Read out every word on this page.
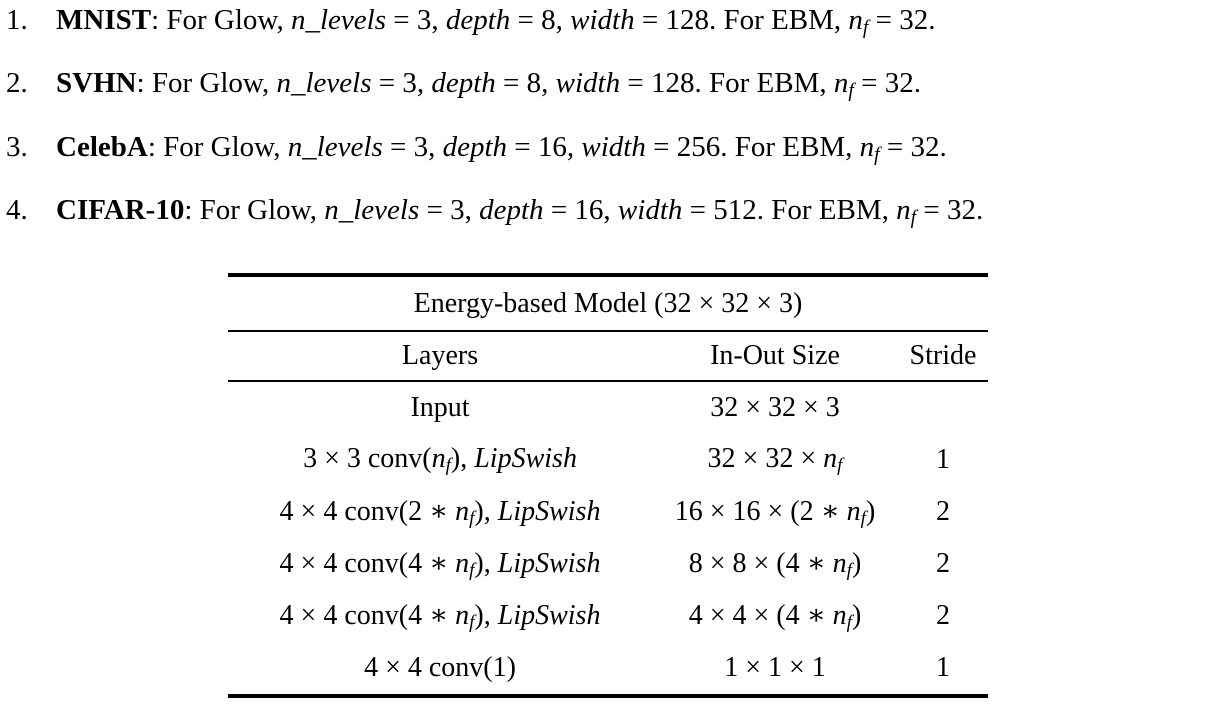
1. MNIST: For Glow, n_levels = 3, depth = 8, width = 128. For EBM, nf = 32.
2. SVHN: For Glow, n_levels = 3, depth = 8, width = 128. For EBM, nf = 32.
3. CelebA: For Glow, n_levels = 3, depth = 16, width = 256. For EBM, nf = 32.
4. CIFAR-10: For Glow, n_levels = 3, depth = 16, width = 512. For EBM, nf = 32.
Energy-based Model (32 × 32 × 3)
Layers	In-Out Size	Stride
Input	32 × 32 × 3
3 × 3 conv(nf), LipSwish	32 × 32 × nf	1
4 × 4 conv(2 ∗ nf), LipSwish	16 × 16 × (2 ∗ nf)	2
4 × 4 conv(4 ∗ nf), LipSwish	8 × 8 × (4 ∗ nf)	2
4 × 4 conv(4 ∗ nf), LipSwish	4 × 4 × (4 ∗ nf)	2
4 × 4 conv(1)	1 × 1 × 1	1
